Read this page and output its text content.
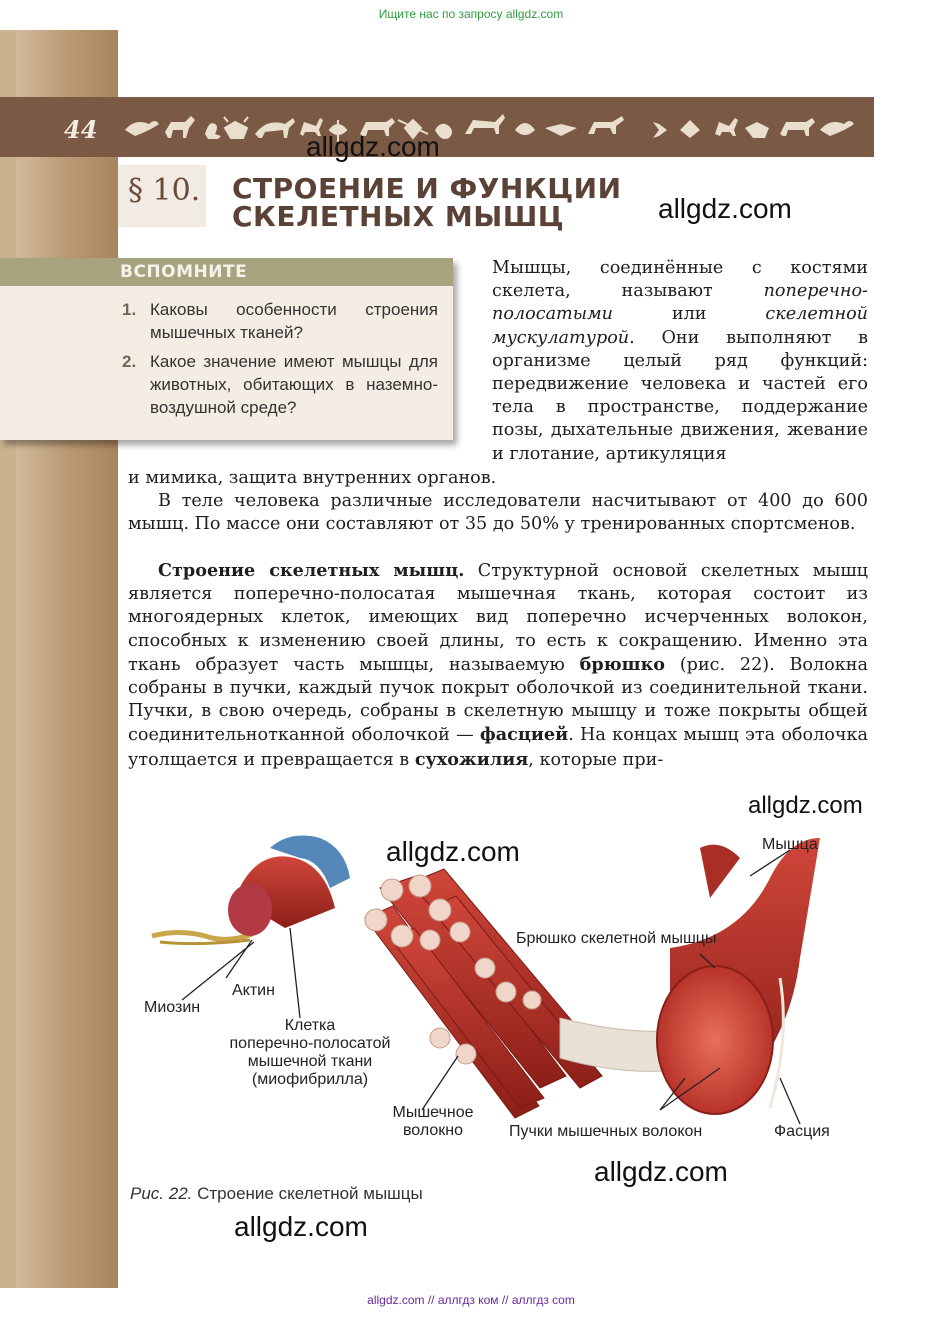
Ищите нас по запросу allgdz.com
44
§ 10. СТРОЕНИЕ И ФУНКЦИИ
СКЕЛЕТНЫХ МЫШЦ
allgdz.com
allgdz.com
ВСПОМНИТЕ
1. Каковы особенности строения мышечных тканей?
2. Какое значение имеют мышцы для животных, обитающих в наземно-воздушной среде?
Мышцы, соединённые с костями скелета, называют поперечно-полосатыми или скелетной мускулатурой. Они выполняют в организме целый ряд функций: передвижение человека и частей его тела в пространстве, поддержание позы, дыхательные движения, жевание и глотание, артикуляция
и мимика, защита внутренних органов.
В теле человека различные исследователи насчитывают от 400 до 600 мышц. По массе они составляют от 35 до 50% у тренированных спортсменов.
Строение скелетных мышц. Структурной основой скелетных мышц является поперечно-полосатая мышечная ткань, которая состоит из многоядерных клеток, имеющих вид поперечно исчерченных волокон, способных к изменению своей длины, то есть к сокращению. Именно эта ткань образует часть мышцы, называемую брюшко (рис. 22). Волокна собраны в пучки, каждый пучок покрыт оболочкой из соединительной ткани. Пучки, в свою очередь, собраны в скелетную мышцу и тоже покрыты общей соединительнотканной оболочкой — фасцией. На концах мышц эта оболочка утолщается и превращается в сухожилия, которые при-
allgdz.com
allgdz.com	Мышца
Брюшко скелетной мышцы
Актин
Миозин
Клетка
поперечно-полосатой
мышечной ткани
(миофибрилла)
Мышечное
волокно	Пучки мышечных волокон	Фасция
allgdz.com
Рис. 22. Строение скелетной мышцы
allgdz.com
allgdz.com // аллгдз ком // аллгдз com
